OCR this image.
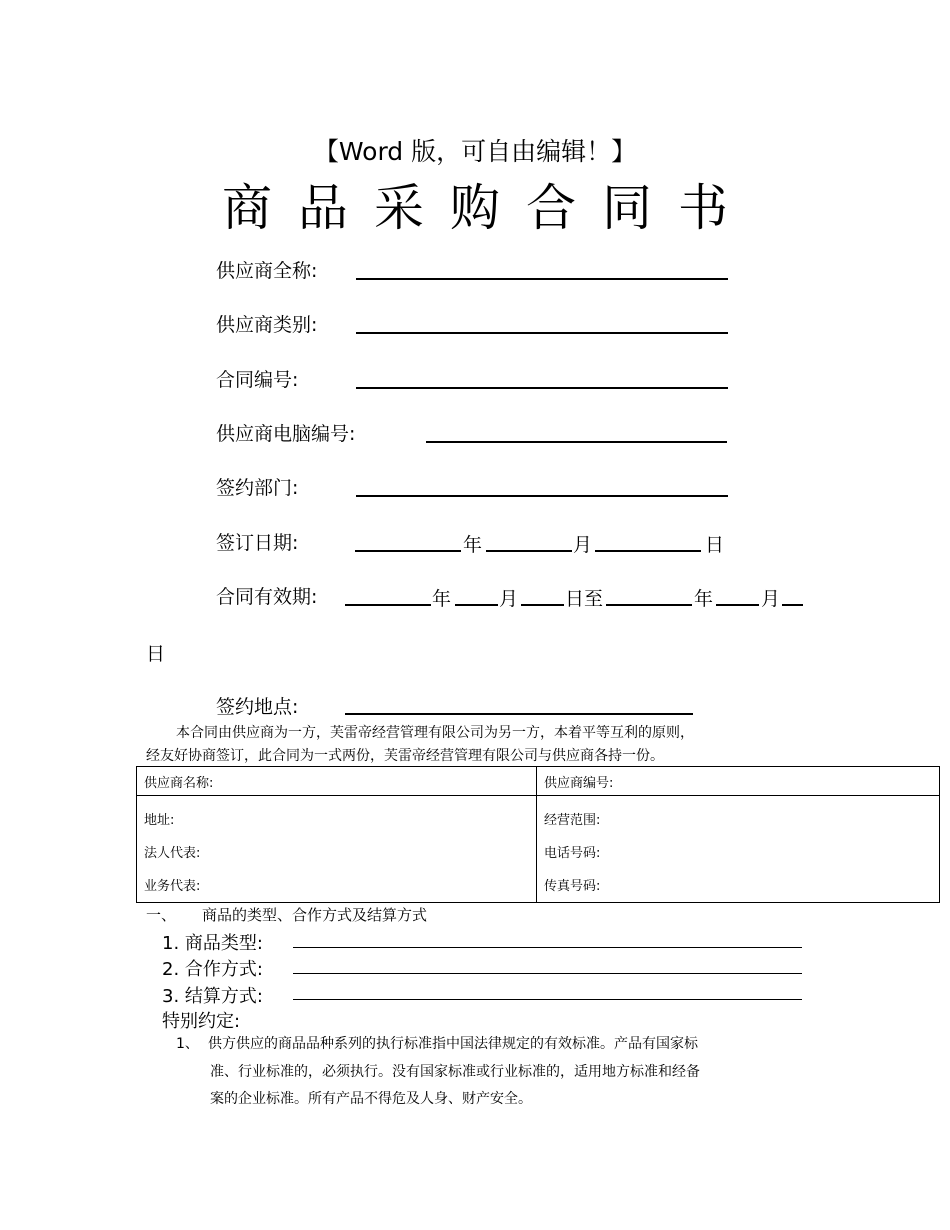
【Word 版，可自由编辑！】
商品采购合同书
供应商全称:
供应商类别:
合同编号:
供应商电脑编号:
签约部门:
签订日期:	年	月	日
合同有效期:	年	月 日至	年	月
日
签约地点:
本合同由供应商为一方，芙雷帝经营管理有限公司为另一方，本着平等互利的原则，
经友好协商签订，此合同为一式两份，芙雷帝经营管理有限公司与供应商各持一份。
供应商名称:	供应商编号:
地址:	经营范围:
法人代表:	电话号码:
业务代表:	传真号码:
一、 商品的类型、合作方式及结算方式
1. 商品类型:
2. 合作方式:
3. 结算方式:
特别约定:
1、 供方供应的商品品种系列的执行标准指中国法律规定的有效标准。产品有国家标
准、行业标准的，必须执行。没有国家标准或行业标准的，适用地方标准和经备
案的企业标准。所有产品不得危及人身、财产安全。
